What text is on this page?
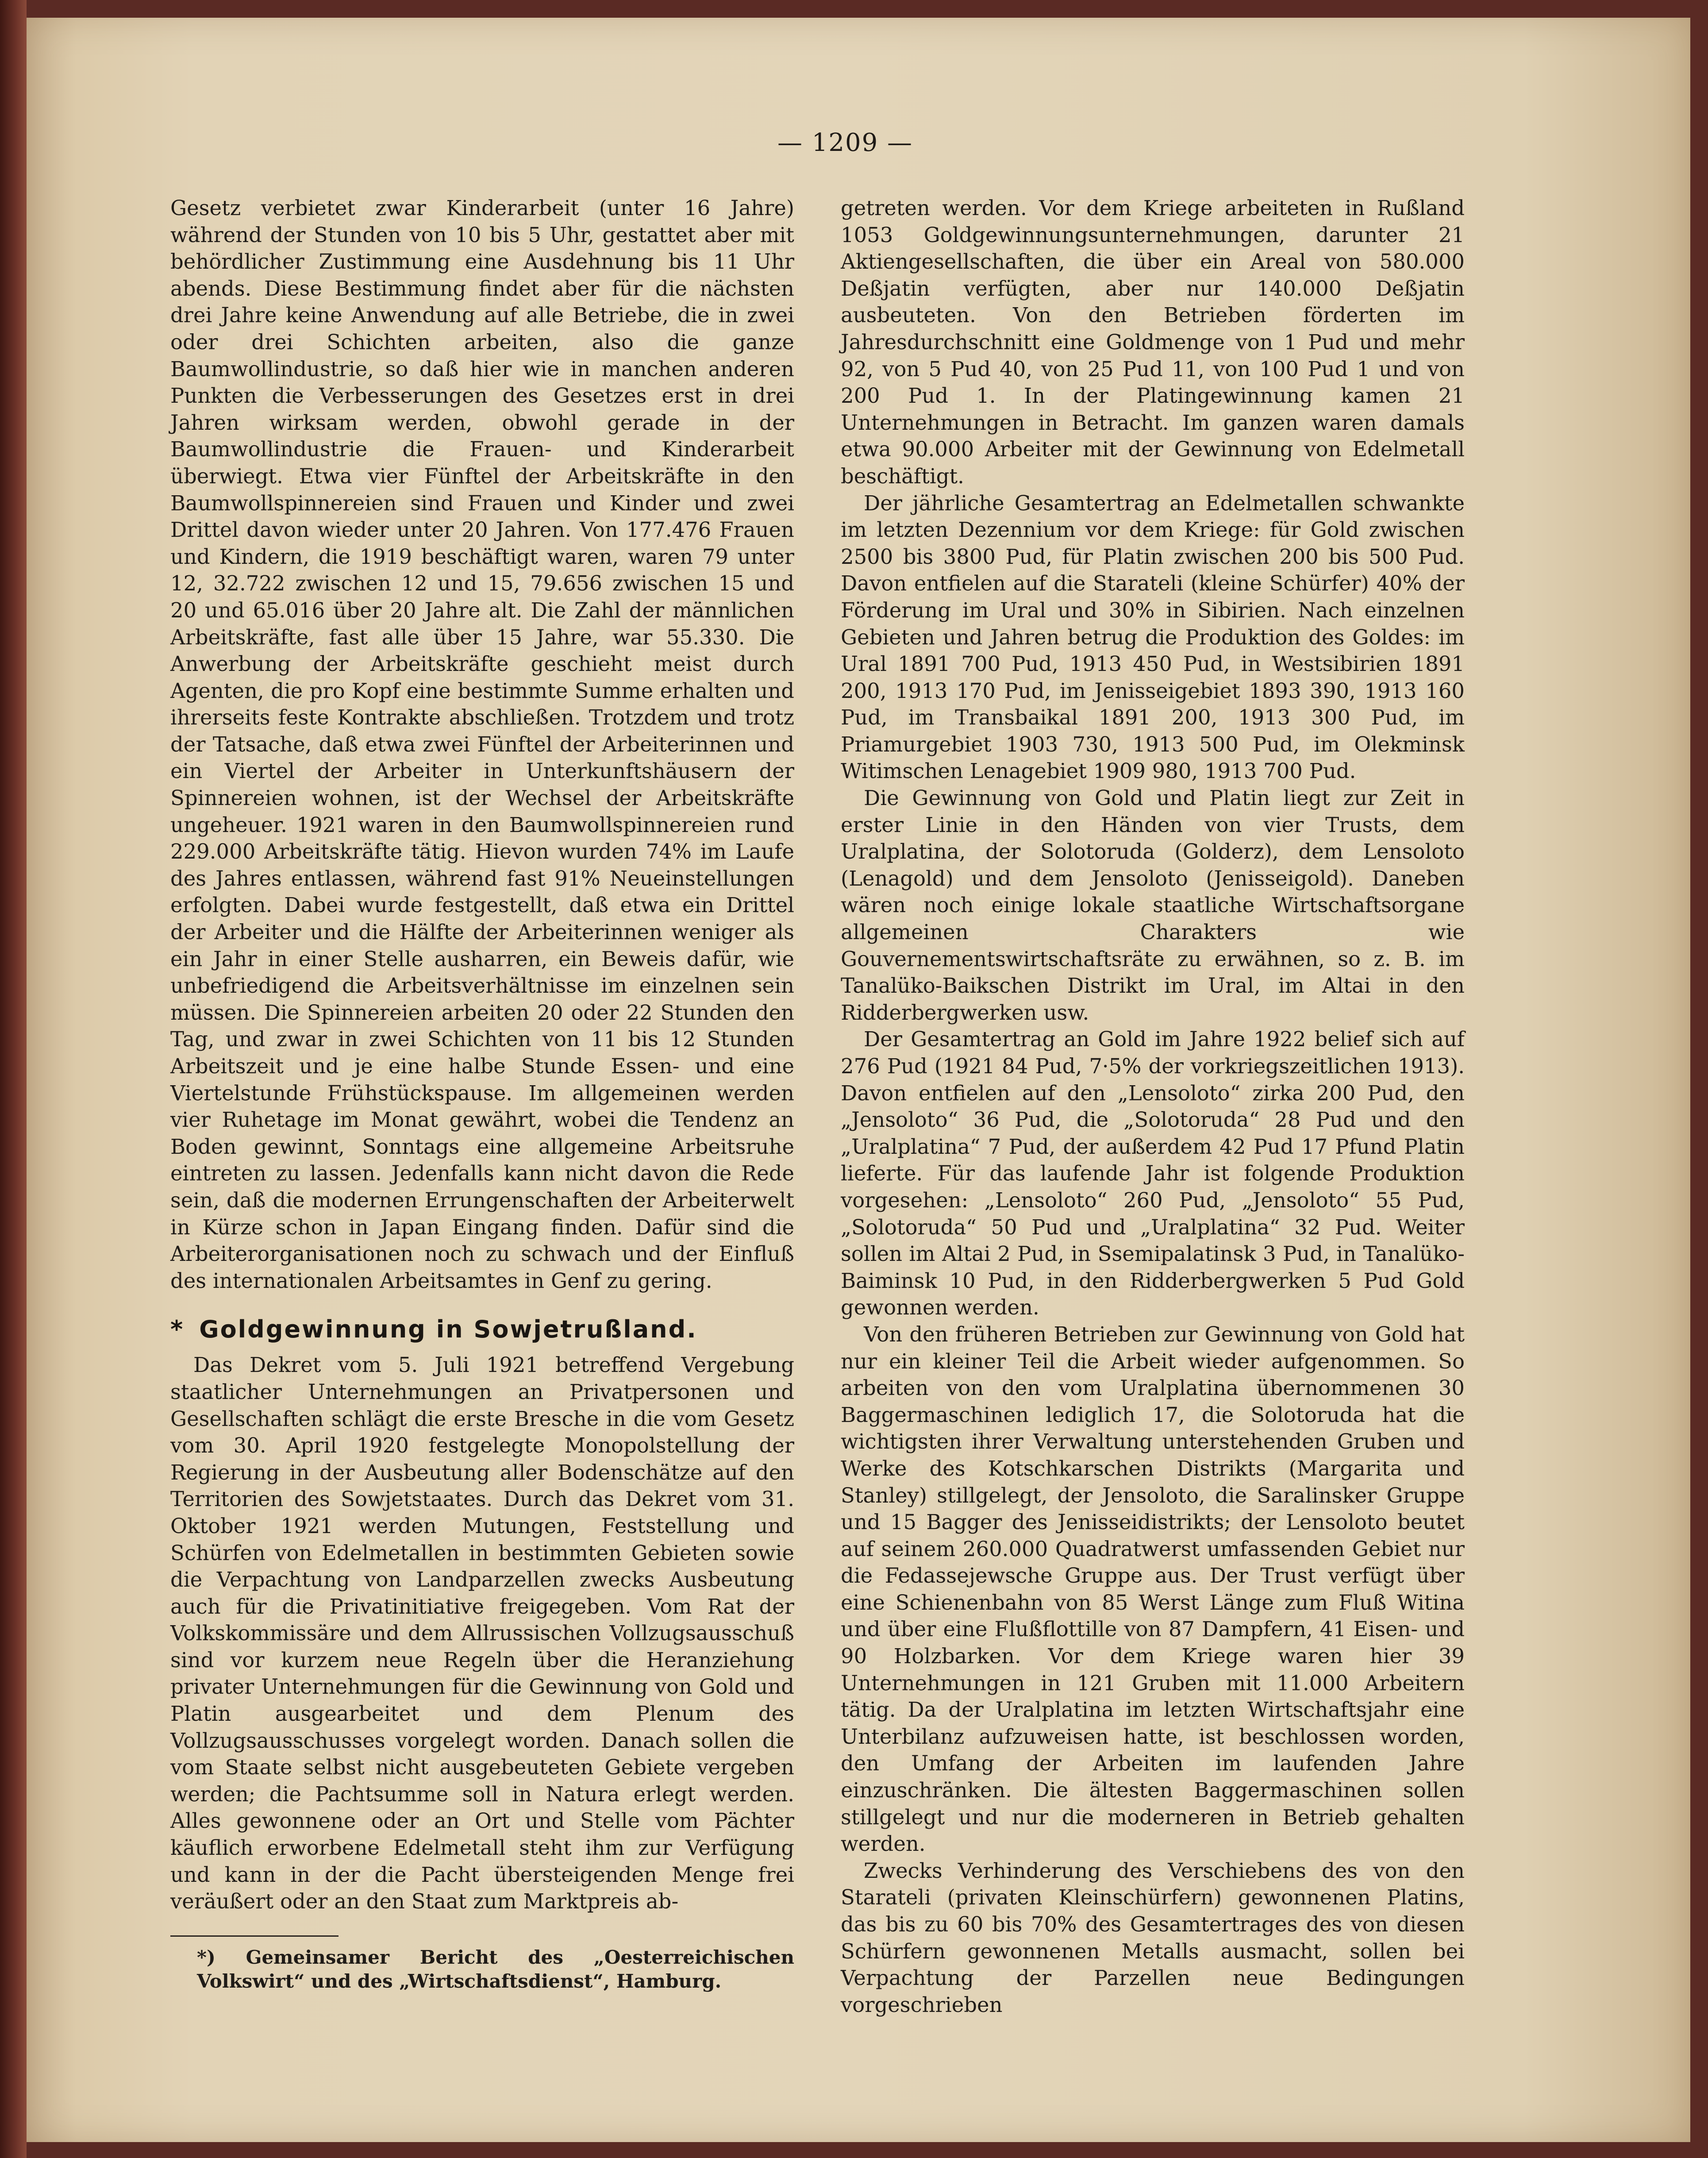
— 1209 —

Gesetz verbietet zwar Kinderarbeit (unter 16 Jahre) während der Stunden von 10 bis 5 Uhr, gestattet aber mit behördlicher Zustimmung eine Ausdehnung bis 11 Uhr abends. Diese Bestimmung findet aber für die nächsten drei Jahre keine Anwendung auf alle Betriebe, die in zwei oder drei Schichten arbeiten, also die ganze Baumwollindustrie, so daß hier wie in manchen anderen Punkten die Verbesserungen des Gesetzes erst in drei Jahren wirksam werden, obwohl gerade in der Baumwollindustrie die Frauen- und Kinderarbeit überwiegt. Etwa vier Fünftel der Arbeitskräfte in den Baumwollspinnereien sind Frauen und Kinder und zwei Drittel davon wieder unter 20 Jahren. Von 177.476 Frauen und Kindern, die 1919 beschäftigt waren, waren 79 unter 12, 32.722 zwischen 12 und 15, 79.656 zwischen 15 und 20 und 65.016 über 20 Jahre alt. Die Zahl der männlichen Arbeitskräfte, fast alle über 15 Jahre, war 55.330. Die Anwerbung der Arbeitskräfte geschieht meist durch Agenten, die pro Kopf eine bestimmte Summe erhalten und ihrerseits feste Kontrakte abschließen. Trotzdem und trotz der Tatsache, daß etwa zwei Fünftel der Arbeiterinnen und ein Viertel der Arbeiter in Unterkunftshäusern der Spinnereien wohnen, ist der Wechsel der Arbeitskräfte ungeheuer. 1921 waren in den Baumwollspinnereien rund 229.000 Arbeitskräfte tätig. Hievon wurden 74% im Laufe des Jahres entlassen, während fast 91% Neueinstellungen erfolgten. Dabei wurde festgestellt, daß etwa ein Drittel der Arbeiter und die Hälfte der Arbeiterinnen weniger als ein Jahr in einer Stelle ausharren, ein Beweis dafür, wie unbefriedigend die Arbeitsverhältnisse im einzelnen sein müssen. Die Spinnereien arbeiten 20 oder 22 Stunden den Tag, und zwar in zwei Schichten von 11 bis 12 Stunden Arbeitszeit und je eine halbe Stunde Essen- und eine Viertelstunde Frühstückspause. Im allgemeinen werden vier Ruhetage im Monat gewährt, wobei die Tendenz an Boden gewinnt, Sonntags eine allgemeine Arbeitsruhe eintreten zu lassen. Jedenfalls kann nicht davon die Rede sein, daß die modernen Errungenschaften der Arbeiterwelt in Kürze schon in Japan Eingang finden. Dafür sind die Arbeiterorganisationen noch zu schwach und der Einfluß des internationalen Arbeitsamtes in Genf zu gering.

* Goldgewinnung in Sowjetrußland.

Das Dekret vom 5. Juli 1921 betreffend Vergebung staatlicher Unternehmungen an Privatpersonen und Gesellschaften schlägt die erste Bresche in die vom Gesetz vom 30. April 1920 festgelegte Monopolstellung der Regierung in der Ausbeutung aller Bodenschätze auf den Territorien des Sowjetstaates. Durch das Dekret vom 31. Oktober 1921 werden Mutungen, Feststellung und Schürfen von Edelmetallen in bestimmten Gebieten sowie die Verpachtung von Landparzellen zwecks Ausbeutung auch für die Privatinitiative freigegeben. Vom Rat der Volkskommissäre und dem Allrussischen Vollzugsausschuß sind vor kurzem neue Regeln über die Heranziehung privater Unternehmungen für die Gewinnung von Gold und Platin ausgearbeitet und dem Plenum des Vollzugsausschusses vorgelegt worden. Danach sollen die vom Staate selbst nicht ausgebeuteten Gebiete vergeben werden; die Pachtsumme soll in Natura erlegt werden. Alles gewonnene oder an Ort und Stelle vom Pächter käuflich erworbene Edelmetall steht ihm zur Verfügung und kann in der die Pacht übersteigenden Menge frei veräußert oder an den Staat zum Marktpreis ab-

*) Gemeinsamer Bericht des „Oesterreichischen Volkswirt“ und des „Wirtschaftsdienst“, Hamburg.

getreten werden. Vor dem Kriege arbeiteten in Rußland 1053 Goldgewinnungsunternehmungen, darunter 21 Aktiengesellschaften, die über ein Areal von 580.000 Deßjatin verfügten, aber nur 140.000 Deßjatin ausbeuteten. Von den Betrieben förderten im Jahresdurchschnitt eine Goldmenge von 1 Pud und mehr 92, von 5 Pud 40, von 25 Pud 11, von 100 Pud 1 und von 200 Pud 1. In der Platingewinnung kamen 21 Unternehmungen in Betracht. Im ganzen waren damals etwa 90.000 Arbeiter mit der Gewinnung von Edelmetall beschäftigt.

Der jährliche Gesamtertrag an Edelmetallen schwankte im letzten Dezennium vor dem Kriege: für Gold zwischen 2500 bis 3800 Pud, für Platin zwischen 200 bis 500 Pud. Davon entfielen auf die Starateli (kleine Schürfer) 40% der Förderung im Ural und 30% in Sibirien. Nach einzelnen Gebieten und Jahren betrug die Produktion des Goldes: im Ural 1891 700 Pud, 1913 450 Pud, in Westsibirien 1891 200, 1913 170 Pud, im Jenisseigebiet 1893 390, 1913 160 Pud, im Transbaikal 1891 200, 1913 300 Pud, im Priamurgebiet 1903 730, 1913 500 Pud, im Olekminsk Witimschen Lenagebiet 1909 980, 1913 700 Pud.

Die Gewinnung von Gold und Platin liegt zur Zeit in erster Linie in den Händen von vier Trusts, dem Uralplatina, der Solotoruda (Golderz), dem Lensoloto (Lenagold) und dem Jensoloto (Jenisseigold). Daneben wären noch einige lokale staatliche Wirtschaftsorgane allgemeinen Charakters wie Gouvernementswirtschaftsräte zu erwähnen, so z. B. im Tanalüko-Baikschen Distrikt im Ural, im Altai in den Ridderbergwerken usw.

Der Gesamtertrag an Gold im Jahre 1922 belief sich auf 276 Pud (1921 84 Pud, 7·5% der vorkriegszeitlichen 1913). Davon entfielen auf den „Lensoloto“ zirka 200 Pud, den „Jensoloto“ 36 Pud, die „Solotoruda“ 28 Pud und den „Uralplatina“ 7 Pud, der außerdem 42 Pud 17 Pfund Platin lieferte. Für das laufende Jahr ist folgende Produktion vorgesehen: „Lensoloto“ 260 Pud, „Jensoloto“ 55 Pud, „Solotoruda“ 50 Pud und „Uralplatina“ 32 Pud. Weiter sollen im Altai 2 Pud, in Ssemipalatinsk 3 Pud, in Tanalüko-Baiminsk 10 Pud, in den Ridderbergwerken 5 Pud Gold gewonnen werden.

Von den früheren Betrieben zur Gewinnung von Gold hat nur ein kleiner Teil die Arbeit wieder aufgenommen. So arbeiten von den vom Uralplatina übernommenen 30 Baggermaschinen lediglich 17, die Solotoruda hat die wichtigsten ihrer Verwaltung unterstehenden Gruben und Werke des Kotschkarschen Distrikts (Margarita und Stanley) stillgelegt, der Jensoloto, die Saralinsker Gruppe und 15 Bagger des Jenisseidistrikts; der Lensoloto beutet auf seinem 260.000 Quadratwerst umfassenden Gebiet nur die Fedassejewsche Gruppe aus. Der Trust verfügt über eine Schienenbahn von 85 Werst Länge zum Fluß Witina und über eine Flußflottille von 87 Dampfern, 41 Eisen- und 90 Holzbarken. Vor dem Kriege waren hier 39 Unternehmungen in 121 Gruben mit 11.000 Arbeitern tätig. Da der Uralplatina im letzten Wirtschaftsjahr eine Unterbilanz aufzuweisen hatte, ist beschlossen worden, den Umfang der Arbeiten im laufenden Jahre einzuschränken. Die ältesten Baggermaschinen sollen stillgelegt und nur die moderneren in Betrieb gehalten werden.

Zwecks Verhinderung des Verschiebens des von den Starateli (privaten Kleinschürfern) gewonnenen Platins, das bis zu 60 bis 70% des Gesamtertrages des von diesen Schürfern gewonnenen Metalls ausmacht, sollen bei Verpachtung der Parzellen neue Bedingungen vorgeschrieben
